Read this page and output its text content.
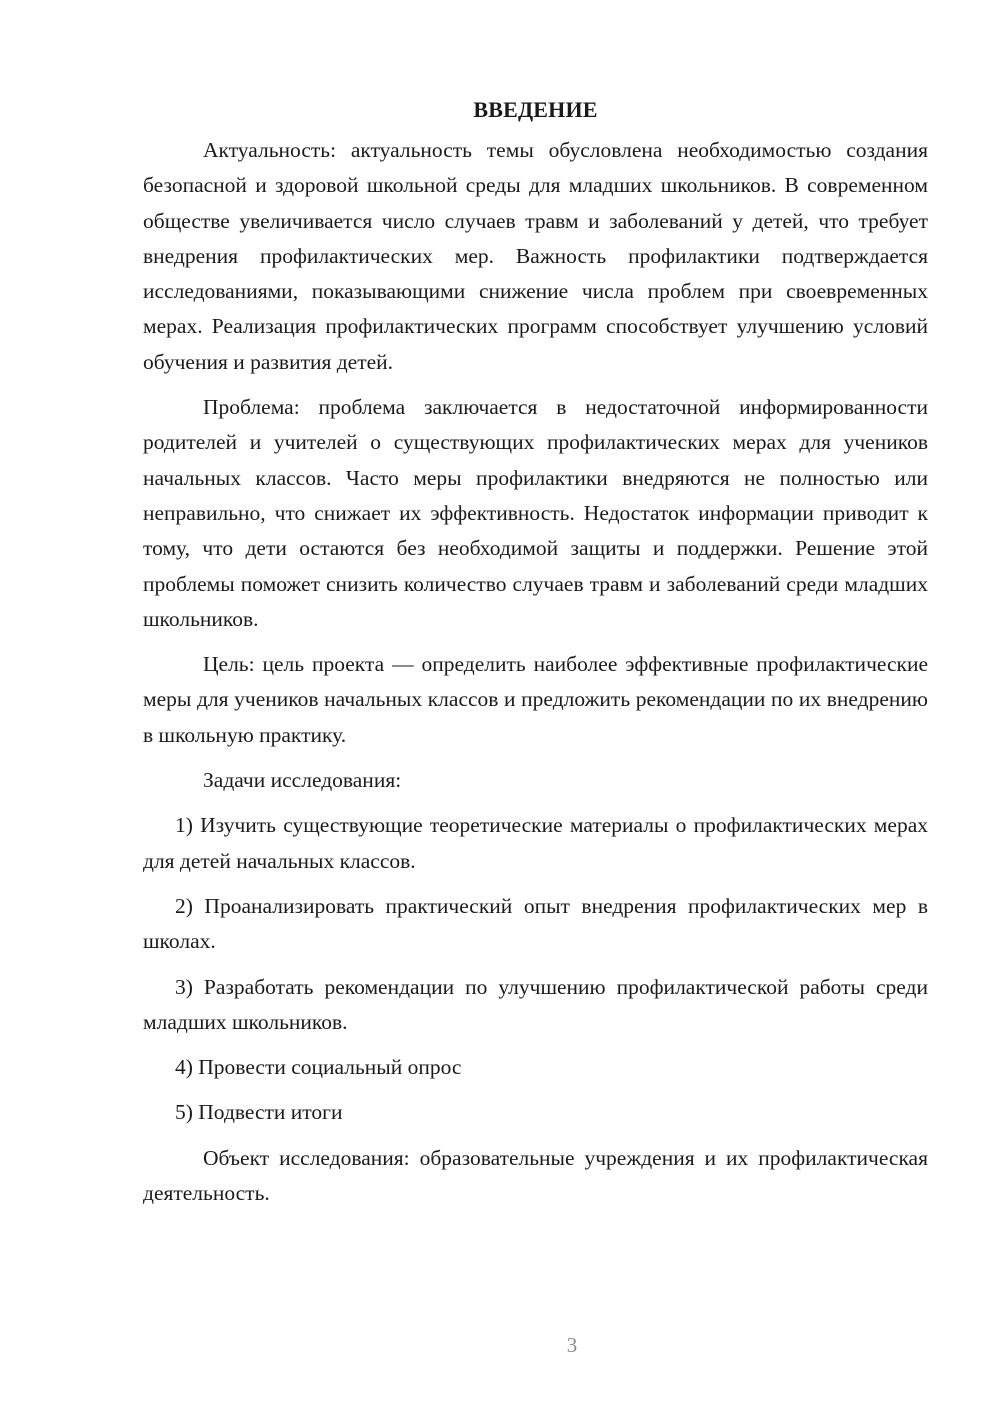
ВВЕДЕНИЕ

Актуальность: актуальность темы обусловлена необходимостью создания безопасной и здоровой школьной среды для младших школьников. В современном обществе увеличивается число случаев травм и заболеваний у детей, что требует внедрения профилактических мер. Важность профилактики подтверждается исследованиями, показывающими снижение числа проблем при своевременных мерах. Реализация профилактических программ способствует улучшению условий обучения и развития детей.

Проблема: проблема заключается в недостаточной информированности родителей и учителей о существующих профилактических мерах для учеников начальных классов. Часто меры профилактики внедряются не полностью или неправильно, что снижает их эффективность. Недостаток информации приводит к тому, что дети остаются без необходимой защиты и поддержки. Решение этой проблемы поможет снизить количество случаев травм и заболеваний среди младших школьников.

Цель: цель проекта — определить наиболее эффективные профилактические меры для учеников начальных классов и предложить рекомендации по их внедрению в школьную практику.

Задачи исследования:

1) Изучить существующие теоретические материалы о профилактических мерах для детей начальных классов.

2) Проанализировать практический опыт внедрения профилактических мер в школах.

3) Разработать рекомендации по улучшению профилактической работы среди младших школьников.

4) Провести социальный опрос

5) Подвести итоги

Объект исследования: образовательные учреждения и их профилактическая деятельность.

3
